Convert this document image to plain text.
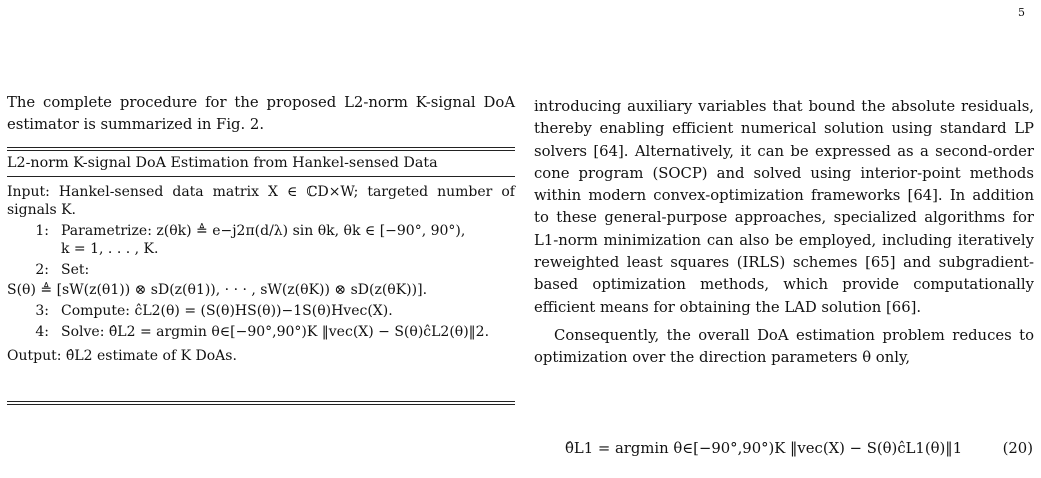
5

The complete procedure for the proposed L2-norm K-signal DoA estimator is summarized in Fig. 2.

L2-norm K-signal DoA Estimation from Hankel-sensed Data
Input: Hankel-sensed data matrix X ∈ ℂD×W; targeted number of signals K.
1: Parametrize: z(θk) ≜ e−j2π(d/λ) sin θk, θk ∈ [−90°, 90°),
k = 1, . . . , K.
2: Set:
S(θ) ≜ [sW(z(θ1)) ⊗ sD(z(θ1)), · · · , sW(z(θK)) ⊗ sD(z(θK))].
3: Compute: ĉL2(θ) = (S(θ)HS(θ))−1S(θ)Hvec(X).
4: Solve: θ̂L2 = argmin θ∈[−90°,90°)K ‖vec(X) − S(θ)ĉL2(θ)‖2.
Output: θ̂L2 estimate of K DoAs.

introducing auxiliary variables that bound the absolute residuals, thereby enabling efficient numerical solution using standard LP solvers [64]. Alternatively, it can be expressed as a second-order cone program (SOCP) and solved using interior-point methods within modern convex-optimization frameworks [64]. In addition to these general-purpose approaches, specialized algorithms for L1-norm minimization can also be employed, including iteratively reweighted least squares (IRLS) schemes [65] and subgradient-based optimization methods, which provide computationally efficient means for obtaining the LAD solution [66].

Consequently, the overall DoA estimation problem reduces to optimization over the direction parameters θ only,

θ̂L1 = argmin θ∈[−90°,90°)K ‖vec(X) − S(θ)ĉL1(θ)‖1	(20)
